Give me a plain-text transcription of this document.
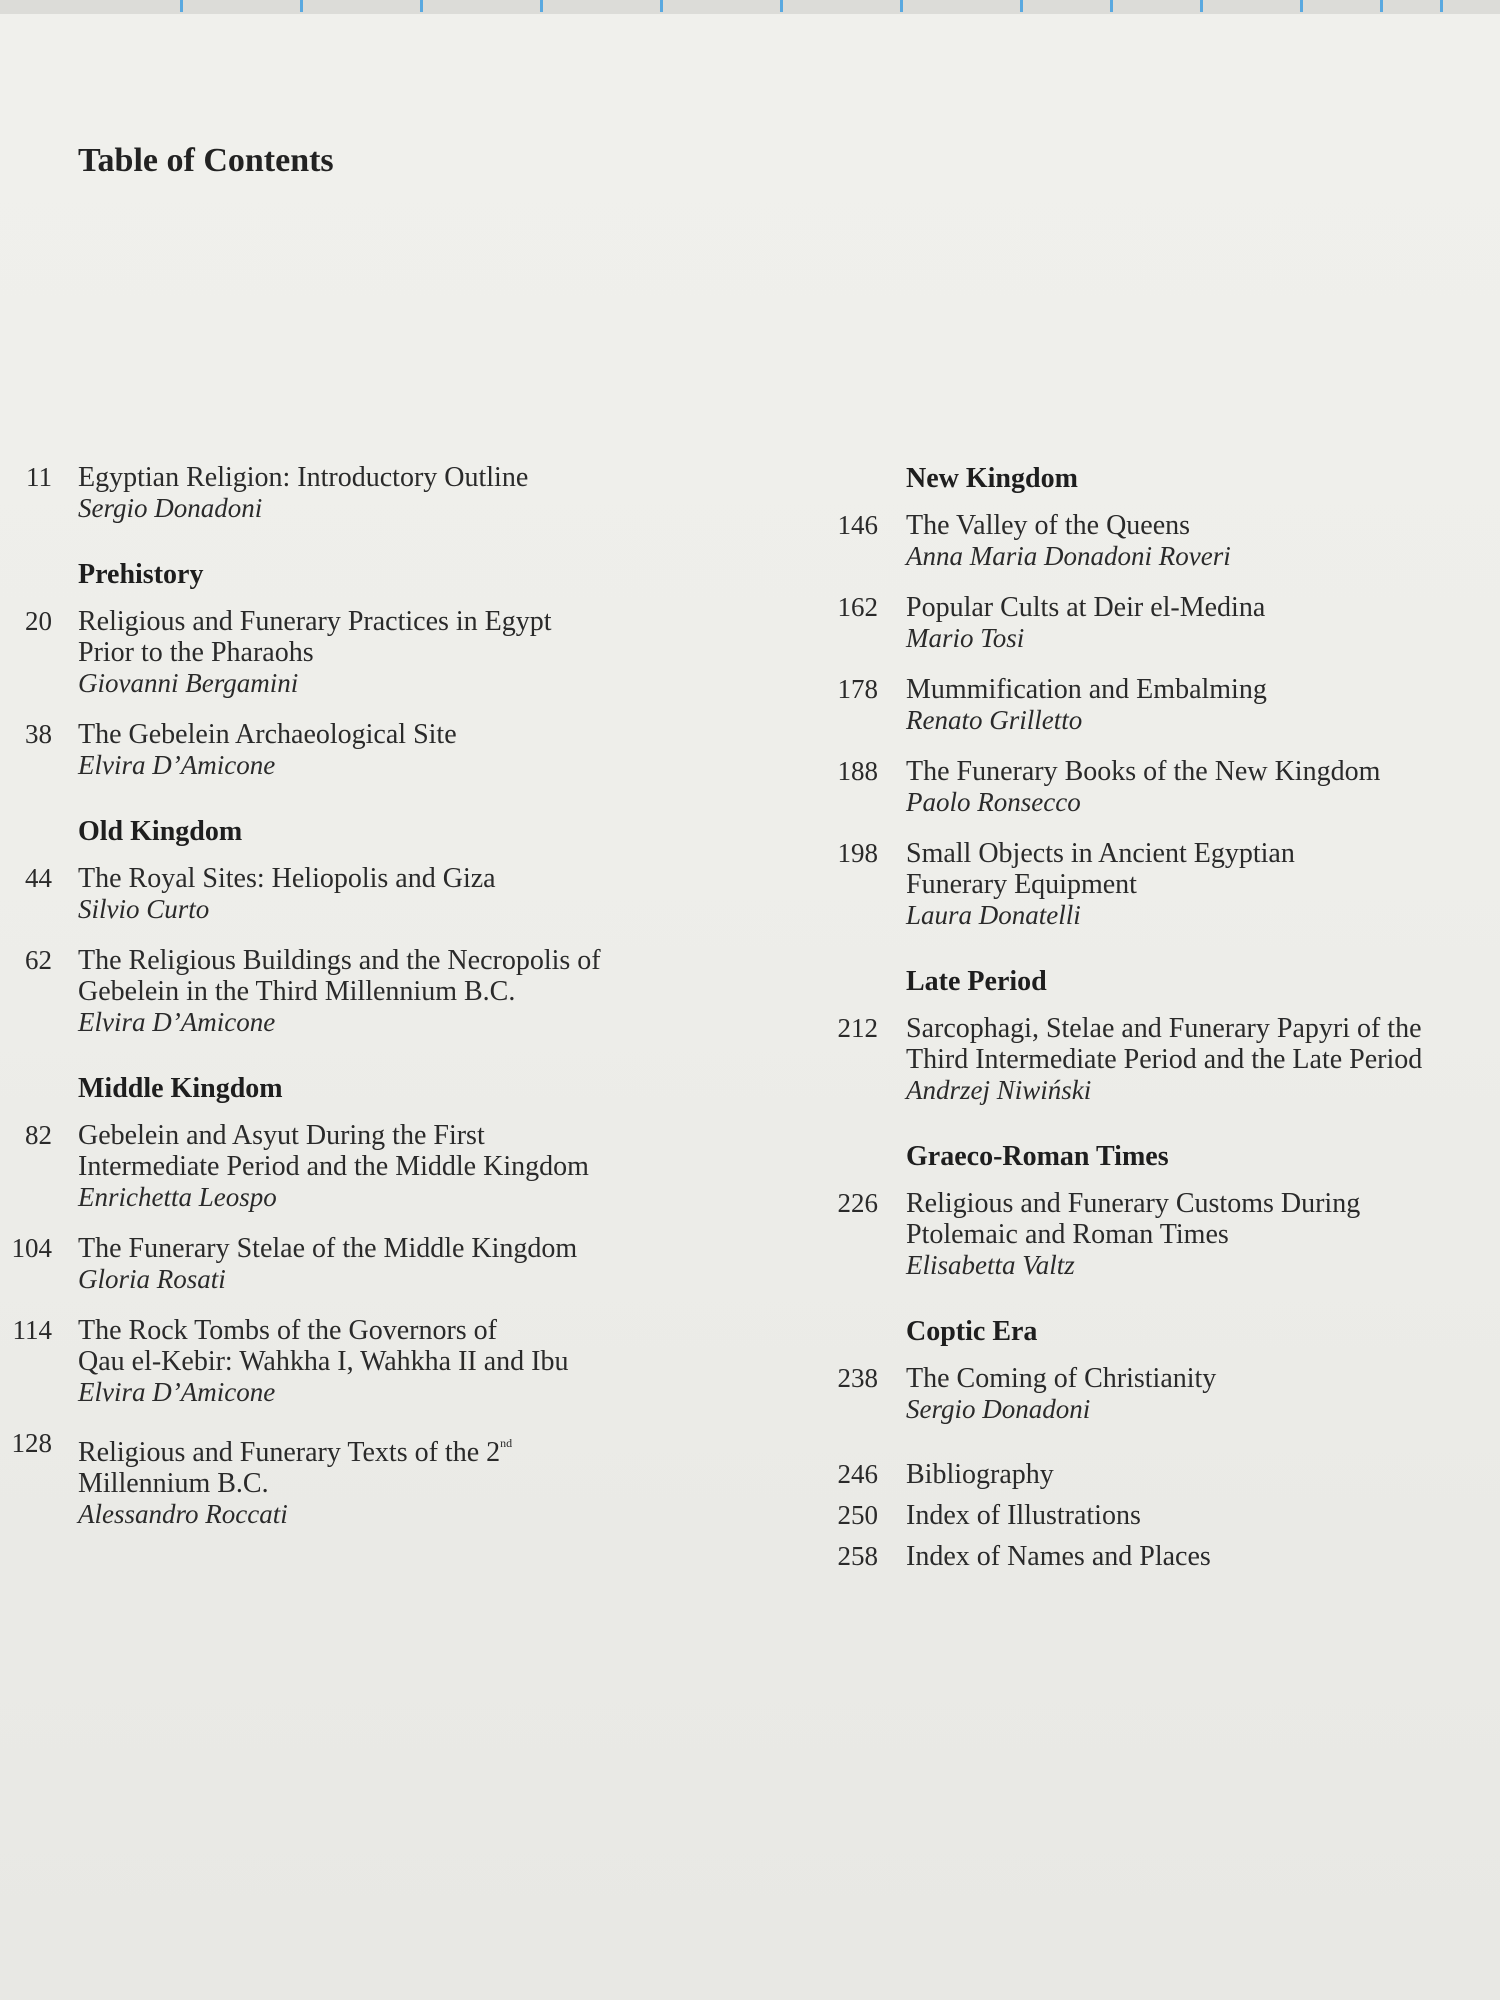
Table of Contents
11 Egyptian Religion: Introductory Outline
Sergio Donadoni
Prehistory
20 Religious and Funerary Practices in Egypt
Prior to the Pharaohs
Giovanni Bergamini
38 The Gebelein Archaeological Site
Elvira D’Amicone
Old Kingdom
44 The Royal Sites: Heliopolis and Giza
Silvio Curto
62 The Religious Buildings and the Necropolis of
Gebelein in the Third Millennium B.C.
Elvira D’Amicone
Middle Kingdom
82 Gebelein and Asyut During the First
Intermediate Period and the Middle Kingdom
Enrichetta Leospo
104 The Funerary Stelae of the Middle Kingdom
Gloria Rosati
114 The Rock Tombs of the Governors of
Qau el-Kebir: Wahkha I, Wahkha II and Ibu
Elvira D’Amicone
128 Religious and Funerary Texts of the 2nd
Millennium B.C.
Alessandro Roccati
New Kingdom
146 The Valley of the Queens
Anna Maria Donadoni Roveri
162 Popular Cults at Deir el-Medina
Mario Tosi
178 Mummification and Embalming
Renato Grilletto
188 The Funerary Books of the New Kingdom
Paolo Ronsecco
198 Small Objects in Ancient Egyptian
Funerary Equipment
Laura Donatelli
Late Period
212 Sarcophagi, Stelae and Funerary Papyri of the
Third Intermediate Period and the Late Period
Andrzej Niwiński
Graeco-Roman Times
226 Religious and Funerary Customs During
Ptolemaic and Roman Times
Elisabetta Valtz
Coptic Era
238 The Coming of Christianity
Sergio Donadoni
246 Bibliography
250 Index of Illustrations
258 Index of Names and Places
